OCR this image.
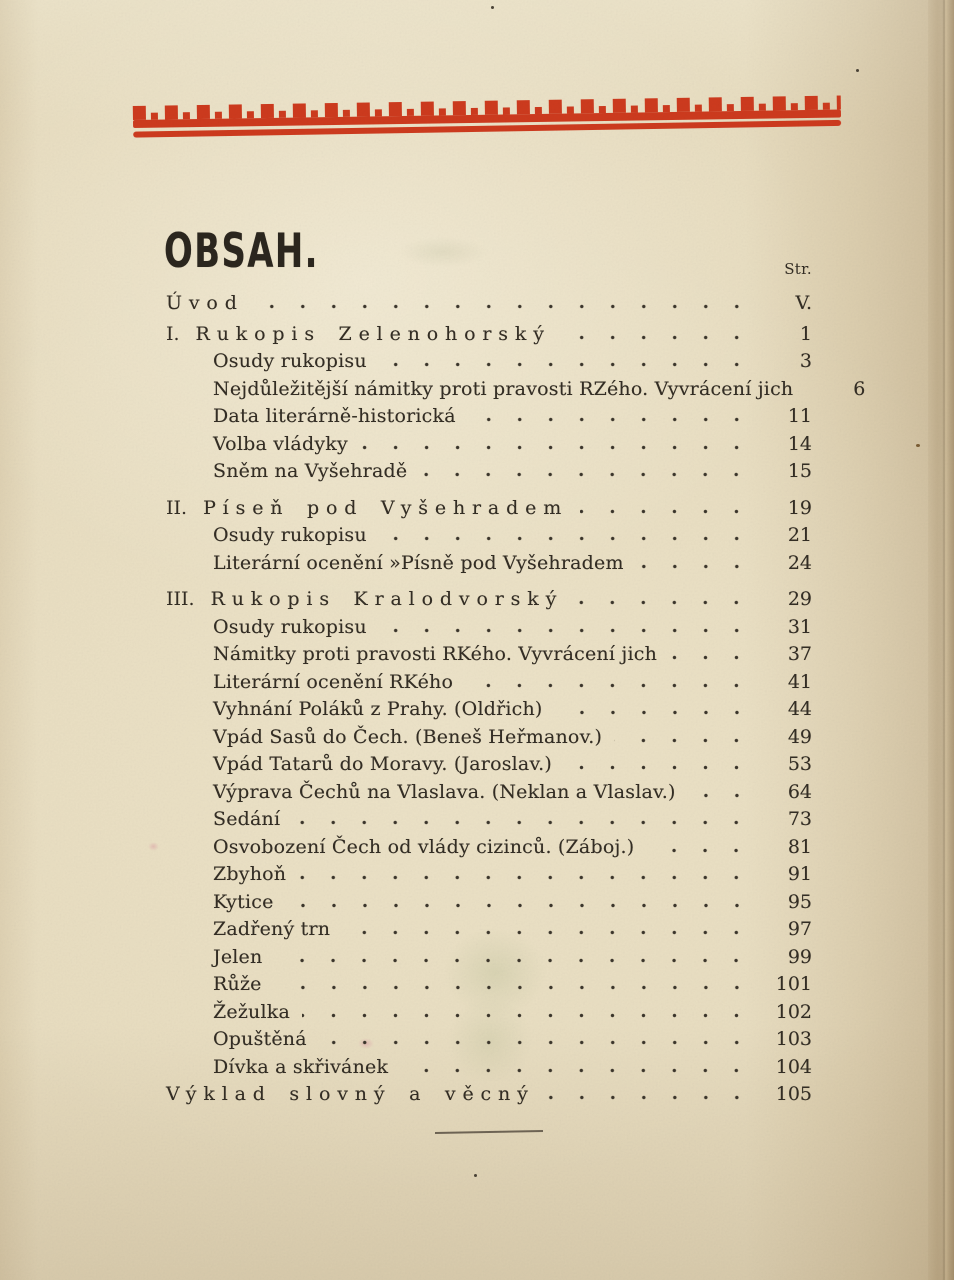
OBSAH.	Str.
Úvod	V.
I. Rukopis Zelenohorský	1
Osudy rukopisu	3
Nejdůležitější námitky proti pravosti RZého. Vyvrácení jich	6
Data literárně-historická	11
Volba vládyky	14
Sněm na Vyšehradě	15
II. Píseň pod Vyšehradem	19
Osudy rukopisu	21
Literární ocenění »Písně pod Vyšehradem	24
III. Rukopis Kralodvorský	29
Osudy rukopisu	31
Námitky proti pravosti RKého. Vyvrácení jich	37
Literární ocenění RKého	41
Vyhnání Poláků z Prahy. (Oldřich)	44
Vpád Sasů do Čech. (Beneš Heřmanov.)	49
Vpád Tatarů do Moravy. (Jaroslav.)	53
Výprava Čechů na Vlaslava. (Neklan a Vlaslav.)	64
Sedání	73
Osvobození Čech od vlády cizinců. (Záboj.)	81
Zbyhoň	91
Kytice	95
Zadřený trn	97
Jelen	99
Růže	101
Žežulka	102
Opuštěná	103
Dívka a skřivánek	104
Výklad slovný a věcný	105
